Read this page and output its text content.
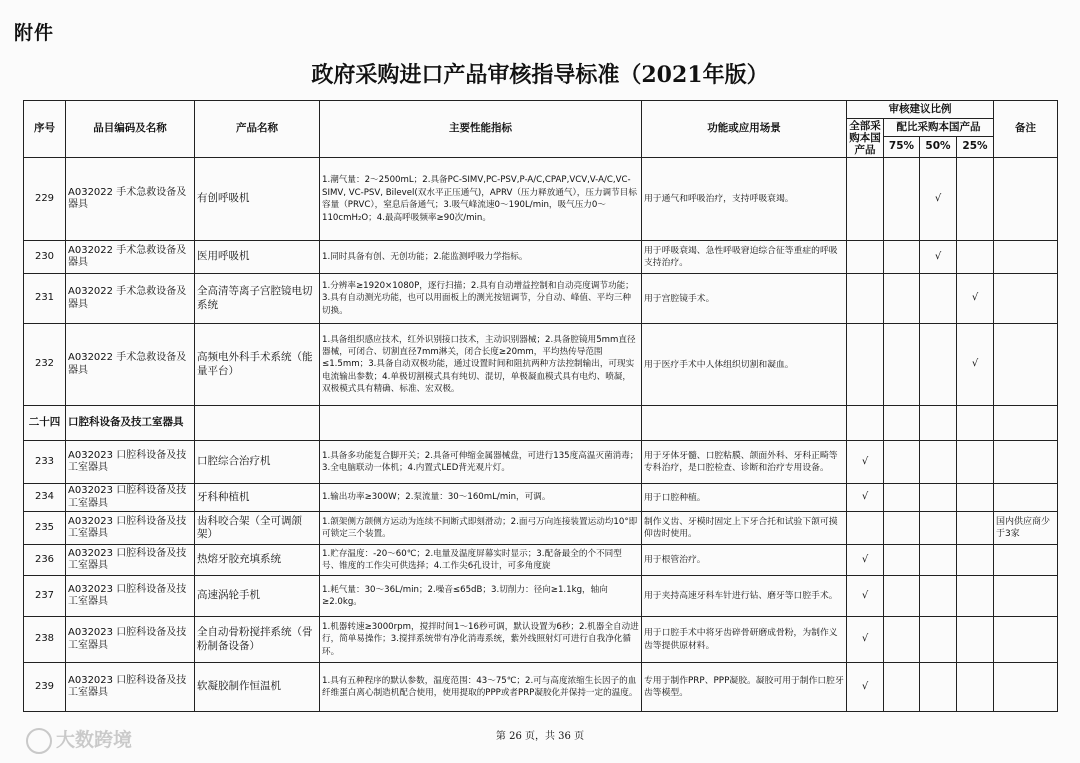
附件
政府采购进口产品审核指导标准（2021年版）
序号	品目编码及名称	产品名称	主要性能指标	功能或应用场景	审核建议比例				备注
					全部采购本国产品	配比采购本国产品			
						75%	50%	25%	
229	A032022 手术急救设备及器具	有创呼吸机	1.潮气量：2～2500mL；2.具备PC-SIMV,PC-PSV,P-A/C,CPAP,VCV,V-A/C,VC-SIMV, VC-PSV, Bilevel(双水平正压通气)，APRV（压力释放通气），压力调节目标容量（PRVC），窒息后备通气；3.吸气峰流速0～190L/min，吸气压力0～110cmH₂O；4.最高呼吸频率≥90次/min。	用于通气和呼吸治疗，支持呼吸衰竭。			√		
230	A032022 手术急救设备及器具	医用呼吸机	1.同时具备有创、无创功能；2.能监测呼吸力学指标。	用于呼吸衰竭、急性呼吸窘迫综合征等重症的呼吸支持治疗。			√		
231	A032022 手术急救设备及器具	全高清等离子宫腔镜电切系统	1.分辨率≥1920×1080P，逐行扫描；2.具有自动增益控制和自动亮度调节功能；3.具有自动测光功能，也可以用面板上的测光按钮调节，分自动、峰值、平均三种切换。	用于宫腔镜手术。				√	
232	A032022 手术急救设备及器具	高频电外科手术系统（能量平台）	1.具备组织感应技术，红外识别接口技术，主动识别器械；2.具备腔镜用5mm直径器械，可闭合、切割直径7mm淋关，闭合长度≥20mm，平均热传导范围≤1.5mm；3.具备自动双极功能，通过设置时间和阻抗两种方法控制输出，可现实电流输出参数；4.单极切割模式具有纯切、混切，单极凝血模式具有电灼、喷凝，双极模式具有精确、标准、宏双极。	用于医疗手术中人体组织切割和凝血。				√	
二十四	口腔科设备及技工室器具								
233	A032023 口腔科设备及技工室器具	口腔综合治疗机	1.具备多功能复合脚开关；2.具备可伸缩金属器械盘，可进行135度高温灭菌消毒；3.全电脑联动一体机；4.内置式LED背光观片灯。	用于牙体牙髓、口腔粘膜、颌面外科、牙科正畸等专科治疗，是口腔检查、诊断和治疗专用设备。	√				
234	A032023 口腔科设备及技工室器具	牙科种植机	1.输出功率≥300W；2.泵流量：30～160mL/min，可调。	用于口腔种植。	√				
235	A032023 口腔科设备及技工室器具	齿科咬合架（全可调颌架）	1.颌架侧方颌侧方运动为连续不间断式即刻滑动；2.面弓万向连接装置运动均10°即可锁定三个装置。	制作义齿、牙模时固定上下牙合托和试验下颌可摸仰齿时使用。					国内供应商少于3家
236	A032023 口腔科设备及技工室器具	热熔牙胶充填系统	1.贮存温度：-20～60℃；2.电量及温度屏幕实时显示；3.配备最全的个不同型号、锥度的工作尖可供选择；4.工作尖6孔设计，可多角度旋	用于根管治疗。	√				
237	A032023 口腔科设备及技工室器具	高速涡轮手机	1.耗气量：30～36L/min；2.噪音≤65dB；3.切削力：径向≥1.1kg，轴向≥2.0kg。	用于夹持高速牙科车针进行钻、磨牙等口腔手术。	√				
238	A032023 口腔科设备及技工室器具	全自动骨粉搅拌系统（骨粉制备设备）	1.机器转速≥3000rpm，搅拌时间1～16秒可调，默认设置为6秒；2.机器全自动进行，简单易操作；3.搅拌系统带有净化消毒系统，紫外线照射灯可进行自我净化循环。	用于口腔手术中将牙齿碎骨研磨成骨粉，为制作义齿等提供原材料。	√				
239	A032023 口腔科设备及技工室器具	软凝胶制作恒温机	1.具有五种程序的默认参数，温度范围：43～75℃；2.可与高度浓缩生长因子的血纤维蛋白离心制造机配合使用，使用提取的PPP或者PRP凝胶化并保持一定的温度。	专用于制作PRP、PPP凝胶。凝胶可用于制作口腔牙齿等模型。	√				
大数跨境	第 26 页，共 36 页
